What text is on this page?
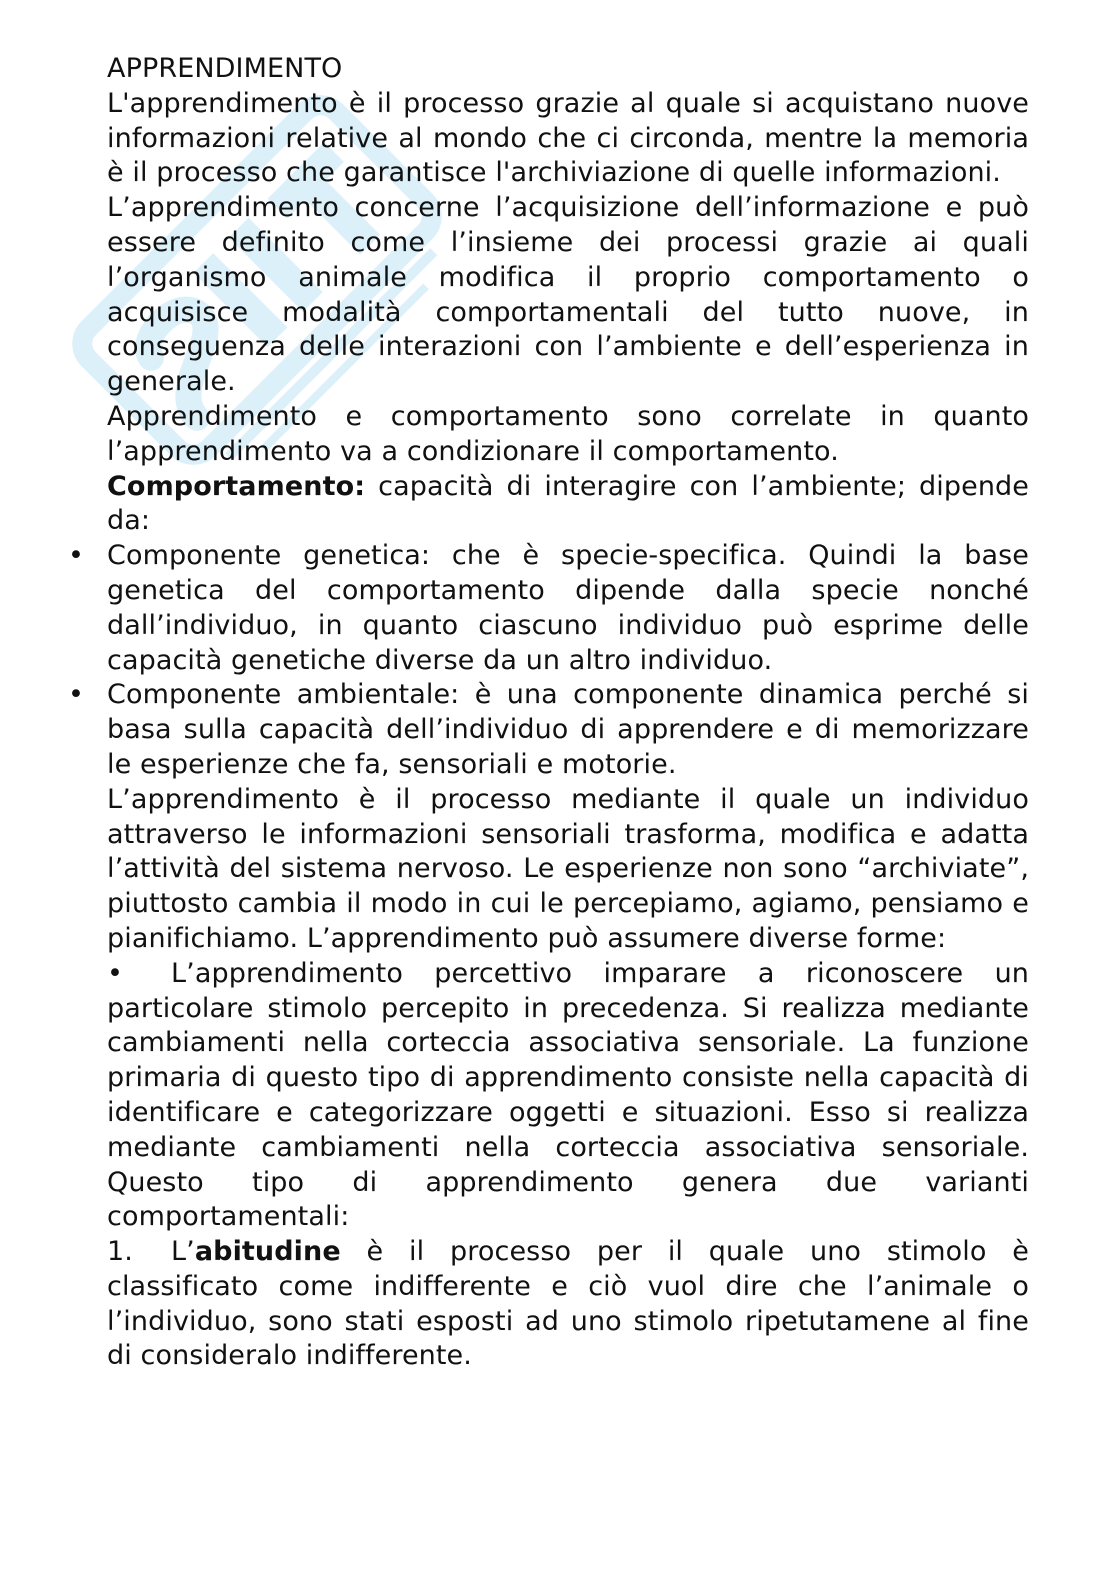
APPRENDIMENTO

L'apprendimento è il processo grazie al quale si acquistano nuove informazioni relative al mondo che ci circonda, mentre la memoria è il processo che garantisce l'archiviazione di quelle informazioni.

L’apprendimento concerne l’acquisizione dell’informazione e può essere definito come l’insieme dei processi grazie ai quali l’organismo animale modifica il proprio comportamento o acquisisce modalità comportamentali del tutto nuove, in conseguenza delle interazioni con l’ambiente e dell’esperienza in generale.

Apprendimento e comportamento sono correlate in quanto l’apprendimento va a condizionare il comportamento.

Comportamento: capacità di interagire con l’ambiente; dipende da:

• Componente genetica: che è specie-specifica. Quindi la base genetica del comportamento dipende dalla specie nonché dall’individuo, in quanto ciascuno individuo può esprime delle capacità genetiche diverse da un altro individuo.
• Componente ambientale: è una componente dinamica perché si basa sulla capacità dell’individuo di apprendere e di memorizzare le esperienze che fa, sensoriali e motorie.

L’apprendimento è il processo mediante il quale un individuo attraverso le informazioni sensoriali trasforma, modifica e adatta l’attività del sistema nervoso. Le esperienze non sono “archiviate”, piuttosto cambia il modo in cui le percepiamo, agiamo, pensiamo e pianifichiamo. L’apprendimento può assumere diverse forme:

• L’apprendimento percettivo imparare a riconoscere un particolare stimolo percepito in precedenza. Si realizza mediante cambiamenti nella corteccia associativa sensoriale. La funzione primaria di questo tipo di apprendimento consiste nella capacità di identificare e categorizzare oggetti e situazioni. Esso si realizza mediante cambiamenti nella corteccia associativa sensoriale. Questo tipo di apprendimento genera due varianti comportamentali:

1. L’abitudine è il processo per il quale uno stimolo è classificato come indifferente e ciò vuol dire che l’animale o l’individuo, sono stati esposti ad uno stimolo ripetutamene al fine di consideralo indifferente.
